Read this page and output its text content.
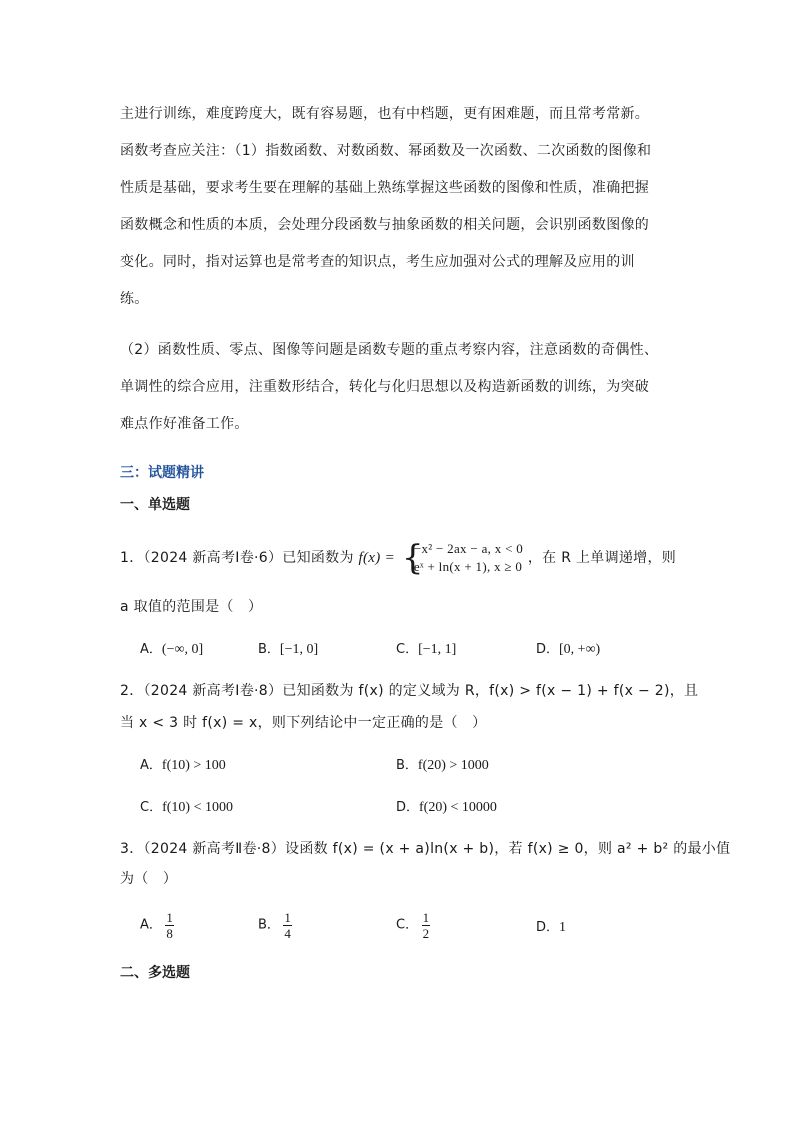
主进行训练，难度跨度大，既有容易题，也有中档题，更有困难题，而且常考常新。
函数考查应关注：（1）指数函数、对数函数、幂函数及一次函数、二次函数的图像和
性质是基础，要求考生要在理解的基础上熟练掌握这些函数的图像和性质，准确把握
函数概念和性质的本质，会处理分段函数与抽象函数的相关问题，会识别函数图像的
变化。同时，指对运算也是常考查的知识点，考生应加强对公式的理解及应用的训
练。
（2）函数性质、零点、图像等问题是函数专题的重点考察内容，注意函数的奇偶性、
单调性的综合应用，注重数形结合，转化与化归思想以及构造新函数的训练，为突破
难点作好准备工作。
三：试题精讲
一、单选题
1．（2024 新高考Ⅰ卷·6）已知函数为 f(x) = {
−x² − 2ax − a, x < 0
eˣ + ln(x + 1), x ≥ 0
，在 R 上单调递增，则
a 取值的范围是（　）
A．(−∞, 0]	B．[−1, 0]	C．[−1, 1]	D．[0, +∞)
2．（2024 新高考Ⅰ卷·8）已知函数为 f(x) 的定义域为 R，f(x) > f(x − 1) + f(x − 2)，且
当 x < 3 时 f(x) = x，则下列结论中一定正确的是（　）
A．f(10) > 100	B．f(20) > 1000
C．f(10) < 1000	D．f(20) < 10000
3．（2024 新高考Ⅱ卷·8）设函数 f(x) = (x + a)ln(x + b)，若 f(x) ≥ 0，则 a² + b² 的最小值
为（　）
A． $\frac{1}{8}$	B． $\frac{1}{4}$	C． $\frac{1}{2}$	D．1
二、多选题
